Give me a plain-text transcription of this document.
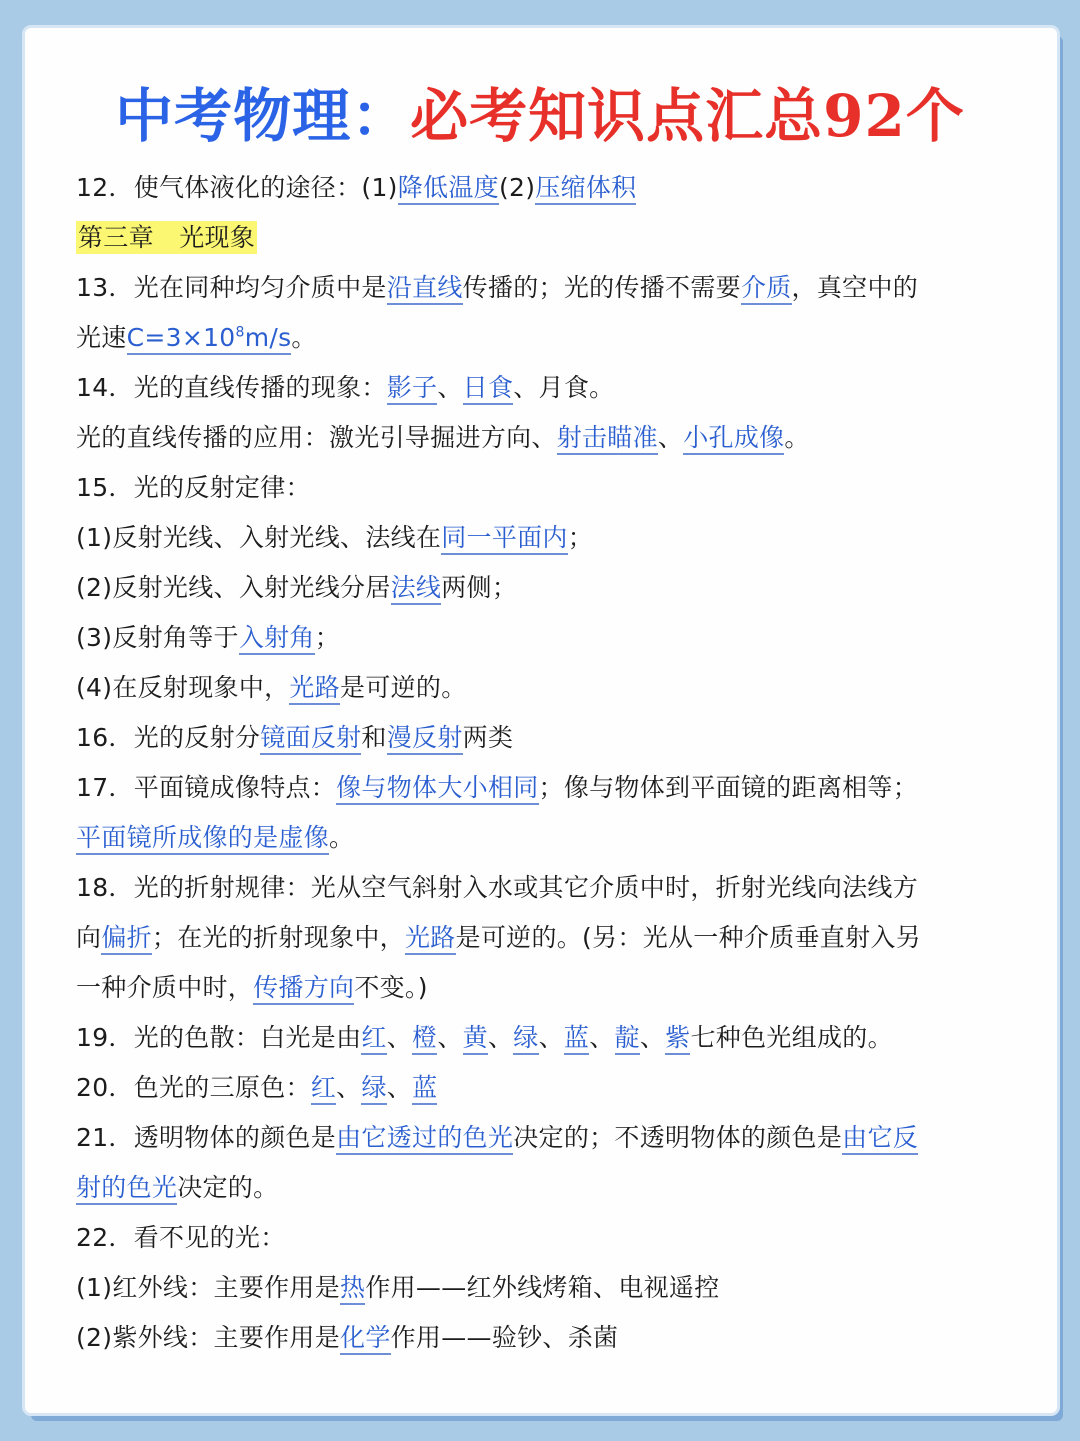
中考物理：必考知识点汇总92个
12．使气体液化的途径：(1)降低温度(2)压缩体积
第三章　光现象
13．光在同种均匀介质中是沿直线传播的；光的传播不需要介质，真空中的
光速$C=3\times 10^8m/s$。
14．光的直线传播的现象：影子、日食、月食。
光的直线传播的应用：激光引导掘进方向、射击瞄准、小孔成像。
15．光的反射定律：
(1)反射光线、入射光线、法线在同一平面内；
(2)反射光线、入射光线分居法线两侧；
(3)反射角等于入射角；
(4)在反射现象中，光路是可逆的。
16．光的反射分镜面反射和漫反射两类
17．平面镜成像特点：像与物体大小相同；像与物体到平面镜的距离相等；
平面镜所成像的是虚像。
18．光的折射规律：光从空气斜射入水或其它介质中时，折射光线向法线方
向偏折；在光的折射现象中，光路是可逆的。(另：光从一种介质垂直射入另
一种介质中时，传播方向不变。)
19．光的色散：白光是由红、橙、黄、绿、蓝、靛、紫七种色光组成的。
20．色光的三原色：红、绿、蓝
21．透明物体的颜色是由它透过的色光决定的；不透明物体的颜色是由它反
射的色光决定的。
22．看不见的光：
(1)红外线：主要作用是热作用——红外线烤箱、电视遥控
(2)紫外线：主要作用是化学作用——验钞、杀菌
